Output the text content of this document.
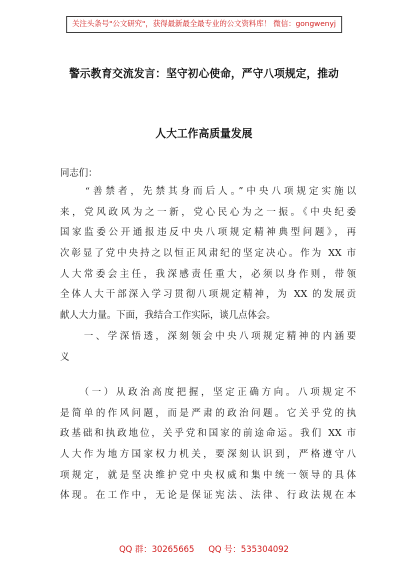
关注头条号"公文研究"，获得最新最全最专业的公文资料库！ 微信：gongwenyj
警示教育交流发言：坚守初心使命，严守八项规定，推动
人大工作高质量发展
同志们：
　　“善禁者，先禁其身而后人。”中央八项规定实施以
来，党风政风为之一新，党心民心为之一振。《中央纪委
国家监委公开通报违反中央八项规定精神典型问题》，再
次彰显了党中央持之以恒正风肃纪的坚定决心。作为 XX 市
人大常委会主任，我深感责任重大，必须以身作则，带领
全体人大干部深入学习贯彻八项规定精神，为 XX 的发展贡
献人大力量。下面，我结合工作实际，谈几点体会。
　　一、学深悟透，深刻领会中央八项规定精神的内涵要
义
　　（一）从政治高度把握，坚定正确方向。八项规定不
是简单的作风问题，而是严肃的政治问题。它关乎党的执
政基础和执政地位，关乎党和国家的前途命运。我们 XX 市
人大作为地方国家权力机关，要深刻认识到，严格遵守八
项规定，就是坚决维护党中央权威和集中统一领导的具体
体现。在工作中，无论是保证宪法、法律、行政法规在本
QQ 群：30265665 QQ 号：535304092
